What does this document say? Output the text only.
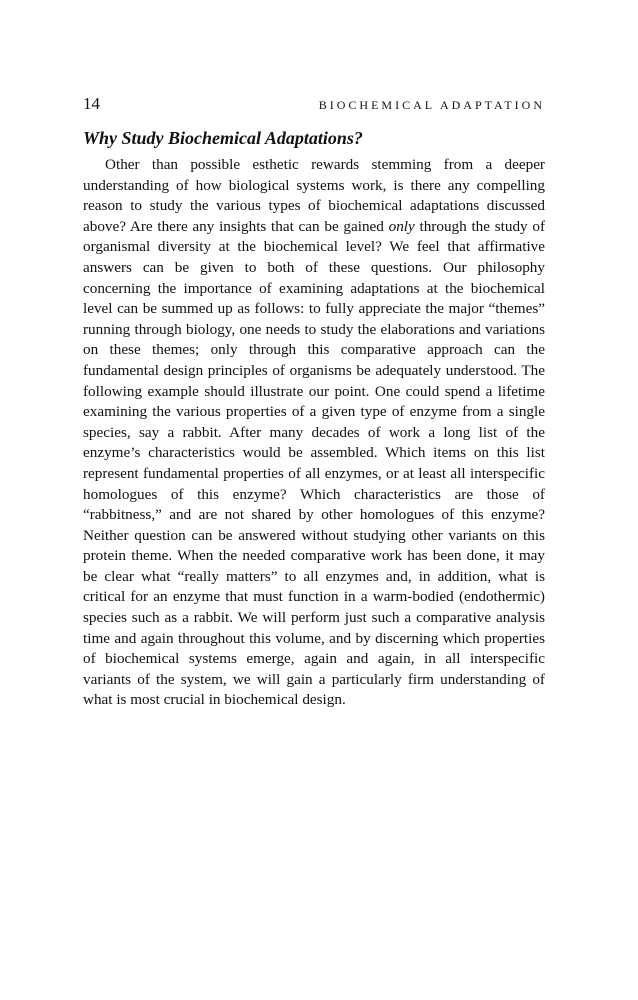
14	BIOCHEMICAL ADAPTATION
Why Study Biochemical Adaptations?

Other than possible esthetic rewards stemming from a deeper understanding of how biological systems work, is there any compelling reason to study the various types of biochemical adaptations discussed above? Are there any insights that can be gained only through the study of organismal diversity at the biochemical level? We feel that affirmative answers can be given to both of these questions. Our philosophy concerning the importance of examining adaptations at the biochemical level can be summed up as follows: to fully appreciate the major “themes” running through biology, one needs to study the elaborations and variations on these themes; only through this comparative approach can the fundamental design principles of organisms be adequately understood. The following example should illustrate our point. One could spend a lifetime examining the various properties of a given type of enzyme from a single species, say a rabbit. After many decades of work a long list of the enzyme’s characteristics would be assembled. Which items on this list represent fundamental properties of all enzymes, or at least all interspecific homologues of this enzyme? Which characteristics are those of “rabbitness,” and are not shared by other homologues of this enzyme? Neither question can be answered without studying other variants on this protein theme. When the needed comparative work has been done, it may be clear what “really matters” to all enzymes and, in addition, what is critical for an enzyme that must function in a warm-bodied (endothermic) species such as a rabbit. We will perform just such a comparative analysis time and again throughout this volume, and by discerning which properties of biochemical systems emerge, again and again, in all interspecific variants of the system, we will gain a particularly firm understanding of what is most crucial in biochemical design.
